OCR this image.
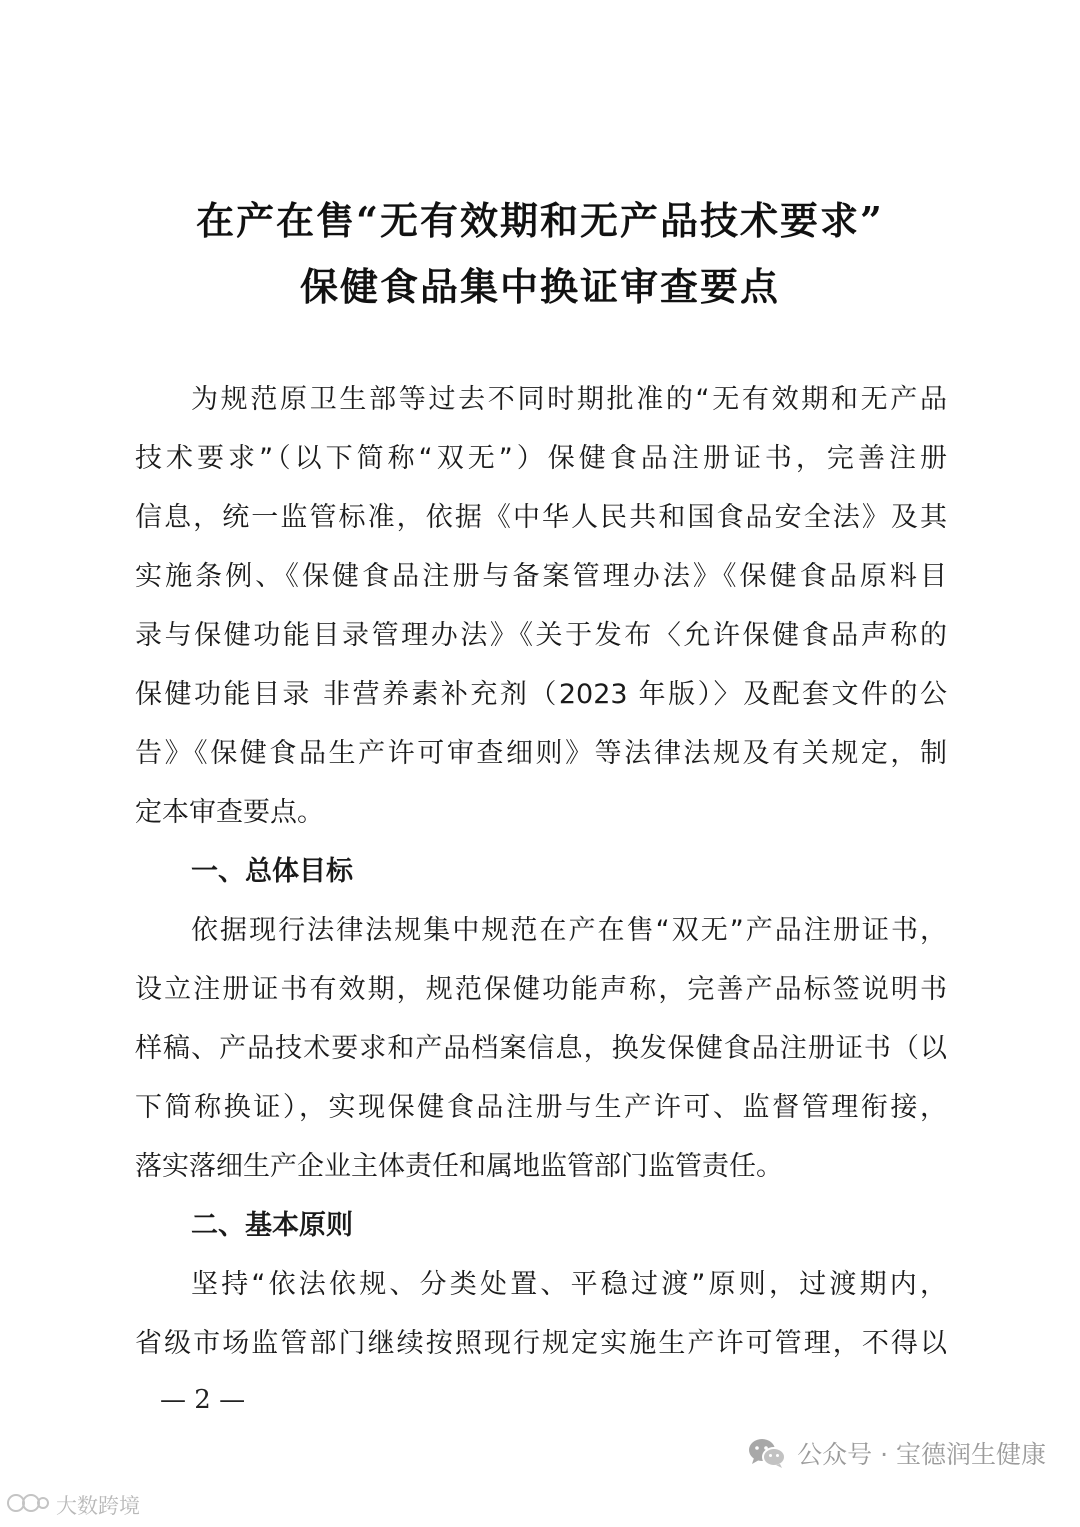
在产在售“无有效期和无产品技术要求”
保健食品集中换证审查要点
为规范原卫生部等过去不同时期批准的“无有效期和无产品
技术要求”（以下简称“双无”）保健食品注册证书，完善注册
信息，统一监管标准，依据《中华人民共和国食品安全法》及其
实施条例、《保健食品注册与备案管理办法》《保健食品原料目
录与保健功能目录管理办法》《关于发布〈允许保健食品声称的
保健功能目录 非营养素补充剂（2023 年版）〉及配套文件的公
告》《保健食品生产许可审查细则》等法律法规及有关规定，制
定本审查要点。
一、总体目标
依据现行法律法规集中规范在产在售“双无”产品注册证书，
设立注册证书有效期，规范保健功能声称，完善产品标签说明书
样稿、产品技术要求和产品档案信息，换发保健食品注册证书（以
下简称换证），实现保健食品注册与生产许可、监督管理衔接，
落实落细生产企业主体责任和属地监管部门监管责任。
二、基本原则
坚持“依法依规、分类处置、平稳过渡”原则，过渡期内，
省级市场监管部门继续按照现行规定实施生产许可管理，不得以
— 2 —
公众号 · 宝德润生健康
大数跨境
